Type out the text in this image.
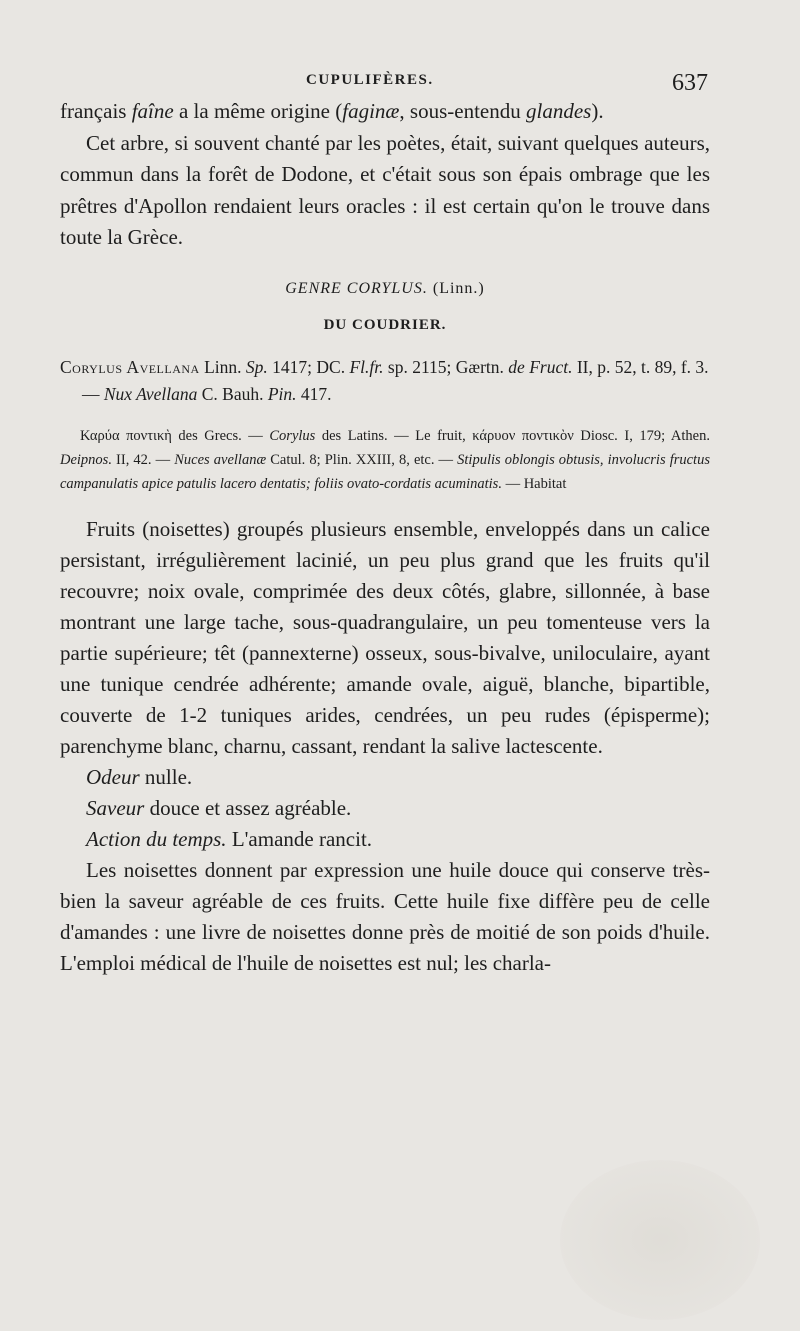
CUPULIFÈRES.	637

français faîne a la même origine (faginæ, sous-entendu glandes).

Cet arbre, si souvent chanté par les poètes, était, suivant quelques auteurs, commun dans la forêt de Dodone, et c'était sous son épais ombrage que les prêtres d'Apollon rendaient leurs oracles : il est certain qu'on le trouve dans toute la Grèce.

GENRE CORYLUS. (Linn.)

DU COUDRIER.

Corylus Avellana Linn. Sp. 1417; DC. Fl.fr. sp. 2115; Gærtn. de Fruct. II, p. 52, t. 89, f. 3. — Nux Avellana C. Bauh. Pin. 417.

Καρύα ποντικὴ des Grecs. — Corylus des Latins. — Le fruit, κάρυον ποντικὸν Diosc. I, 179; Athen. Deipnos. II, 42. — Nuces avellanæ Catul. 8; Plin. XXIII, 8, etc. — Stipulis oblongis obtusis, involucris fructus campanulatis apice patulis lacero dentatis; foliis ovato-cordatis acuminatis. — Habitat

Fruits (noisettes) groupés plusieurs ensemble, enveloppés dans un calice persistant, irrégulièrement lacinié, un peu plus grand que les fruits qu'il recouvre; noix ovale, comprimée des deux côtés, glabre, sillonnée, à base montrant une large tache, sous-quadrangulaire, un peu tomenteuse vers la partie supérieure; têt (pannexterne) osseux, sous-bivalve, uniloculaire, ayant une tunique cendrée adhérente; amande ovale, aiguë, blanche, bipartible, couverte de 1-2 tuniques arides, cendrées, un peu rudes (épisperme); parenchyme blanc, charnu, cassant, rendant la salive lactescente.

Odeur nulle.

Saveur douce et assez agréable.

Action du temps. L'amande rancit.

Les noisettes donnent par expression une huile douce qui conserve très-bien la saveur agréable de ces fruits. Cette huile fixe diffère peu de celle d'amandes : une livre de noisettes donne près de moitié de son poids d'huile. L'emploi médical de l'huile de noisettes est nul; les charla-
